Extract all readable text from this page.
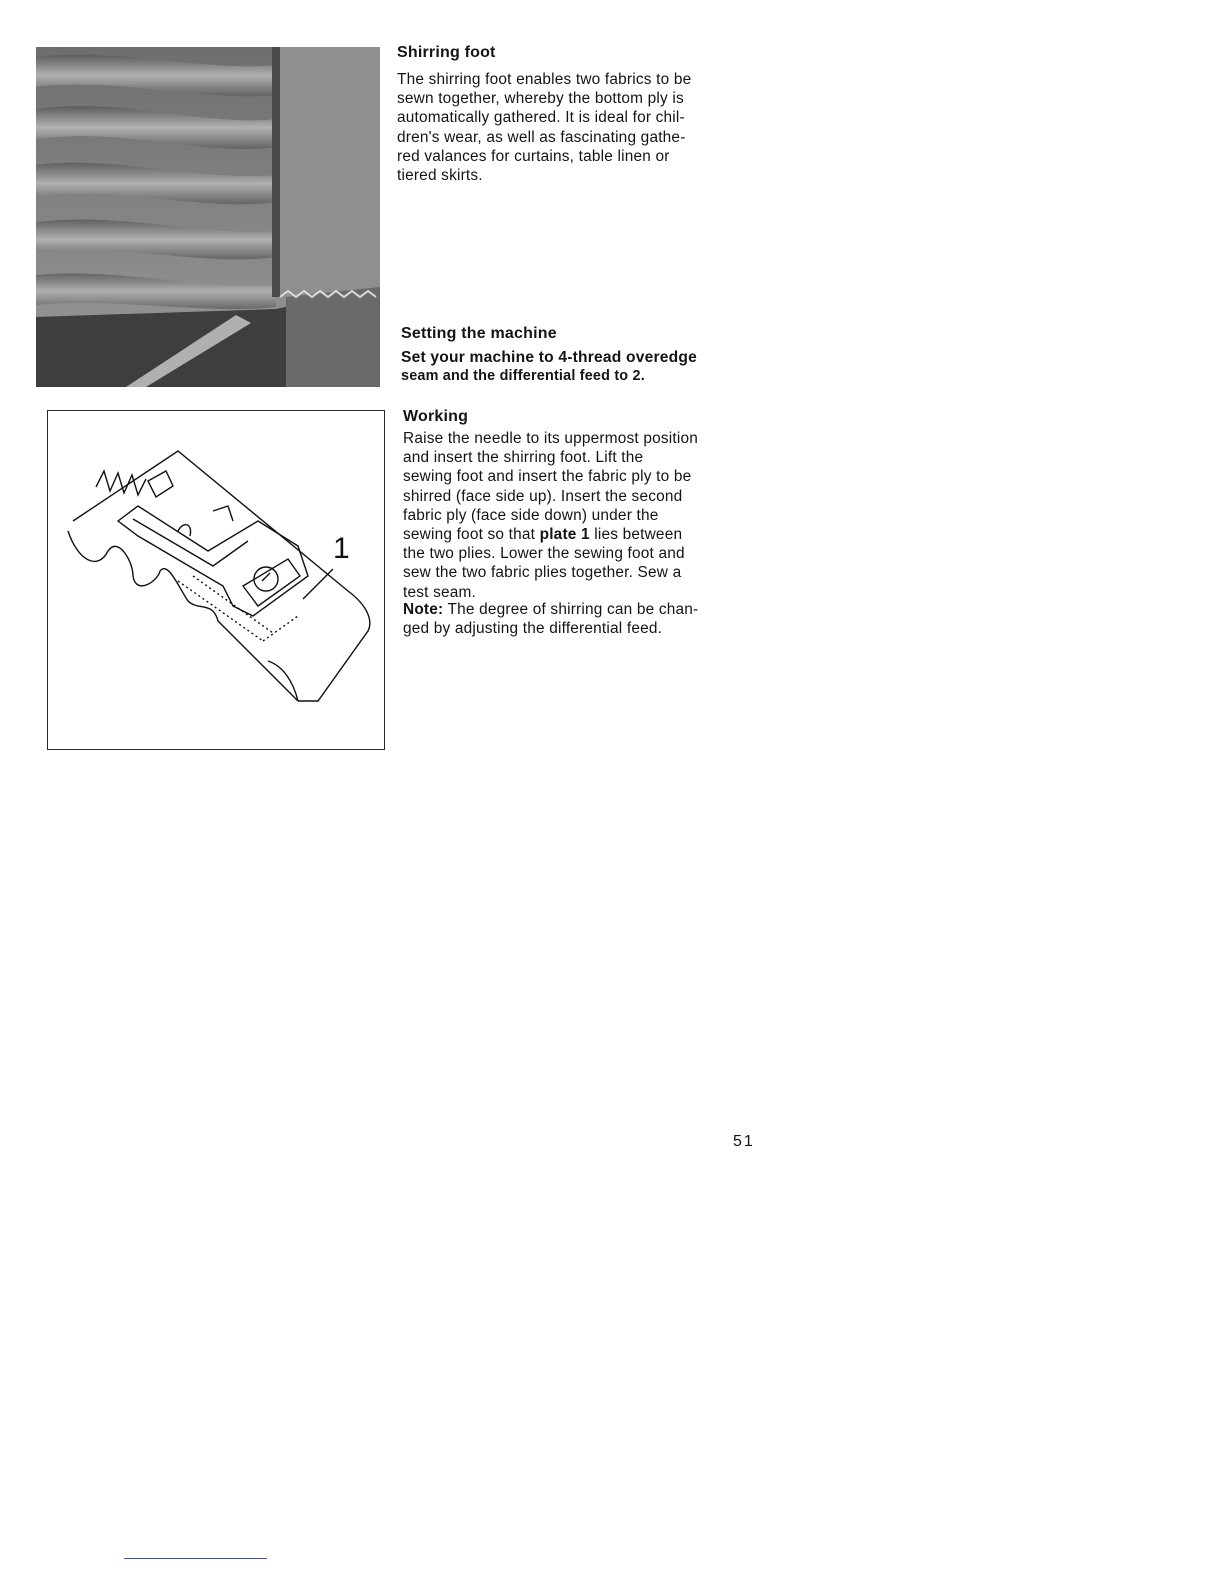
1
Shirring foot

The shirring foot enables two fabrics to be

sewn together, whereby the bottom ply is

automatically gathered. It is ideal for chil-

dren's wear, as well as fascinating gathe-

red valances for curtains, table linen or

tiered skirts.

Setting the machine

Set your machine to 4-thread overedge

seam and the differential feed to 2.

Working

Raise the needle to its uppermost position

and insert the shirring foot. Lift the

sewing foot and insert the fabric ply to be

shirred (face side up). Insert the second

fabric ply (face side down) under the

sewing foot so that plate 1 lies between

the two plies. Lower the sewing foot and

sew the two fabric plies together. Sew a

test seam.

Note: The degree of shirring can be chan-

ged by adjusting the differential feed.

51
